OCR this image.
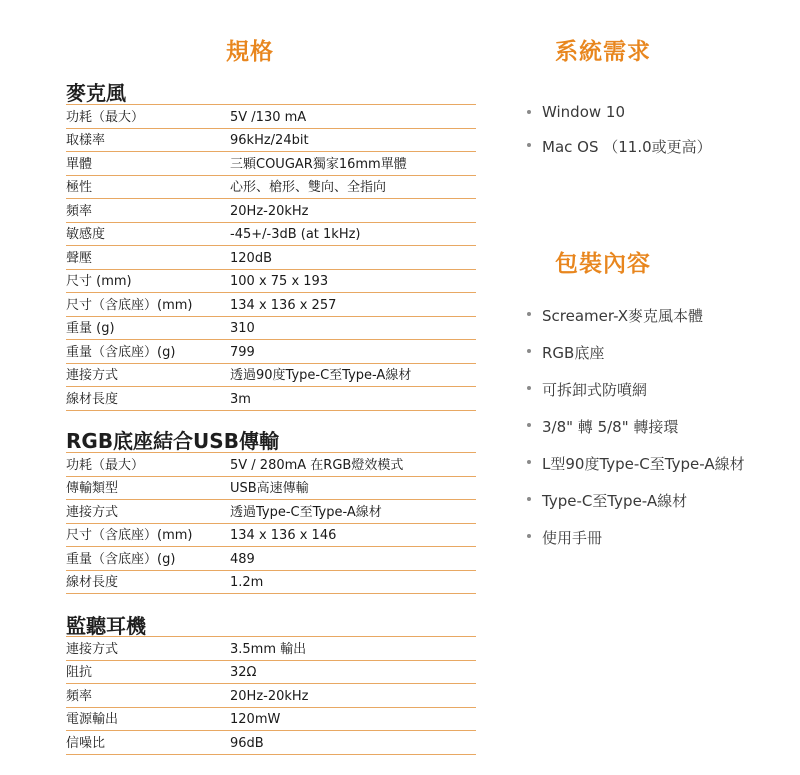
規格
麥克風
功耗（最大）	5V /130 mA
取樣率	96kHz/24bit
單體	三顆COUGAR獨家16mm單體
極性	心形、槍形、雙向、全指向
頻率	20Hz-20kHz
敏感度	-45+/-3dB (at 1kHz)
聲壓	120dB
尺寸 (mm)	100 x 75 x 193
尺寸（含底座）(mm)	134 x 136 x 257
重量 (g)	310
重量（含底座）(g)	799
連接方式	透過90度Type-C至Type-A線材
線材長度	3m
RGB底座結合USB傳輸
功耗（最大）	5V / 280mA 在RGB燈效模式
傳輸類型	USB高速傳輸
連接方式	透過Type-C至Type-A線材
尺寸（含底座）(mm)	134 x 136 x 146
重量（含底座）(g)	489
線材長度	1.2m
監聽耳機
連接方式	3.5mm 輸出
阻抗	32Ω
頻率	20Hz-20kHz
電源輸出	120mW
信噪比	96dB
系統需求
Window 10
Mac OS （11.0或更高）
包裝內容
Screamer-X麥克風本體
RGB底座
可拆卸式防噴網
3/8" 轉 5/8" 轉接環
L型90度Type-C至Type-A線材
Type-C至Type-A線材
使用手冊
